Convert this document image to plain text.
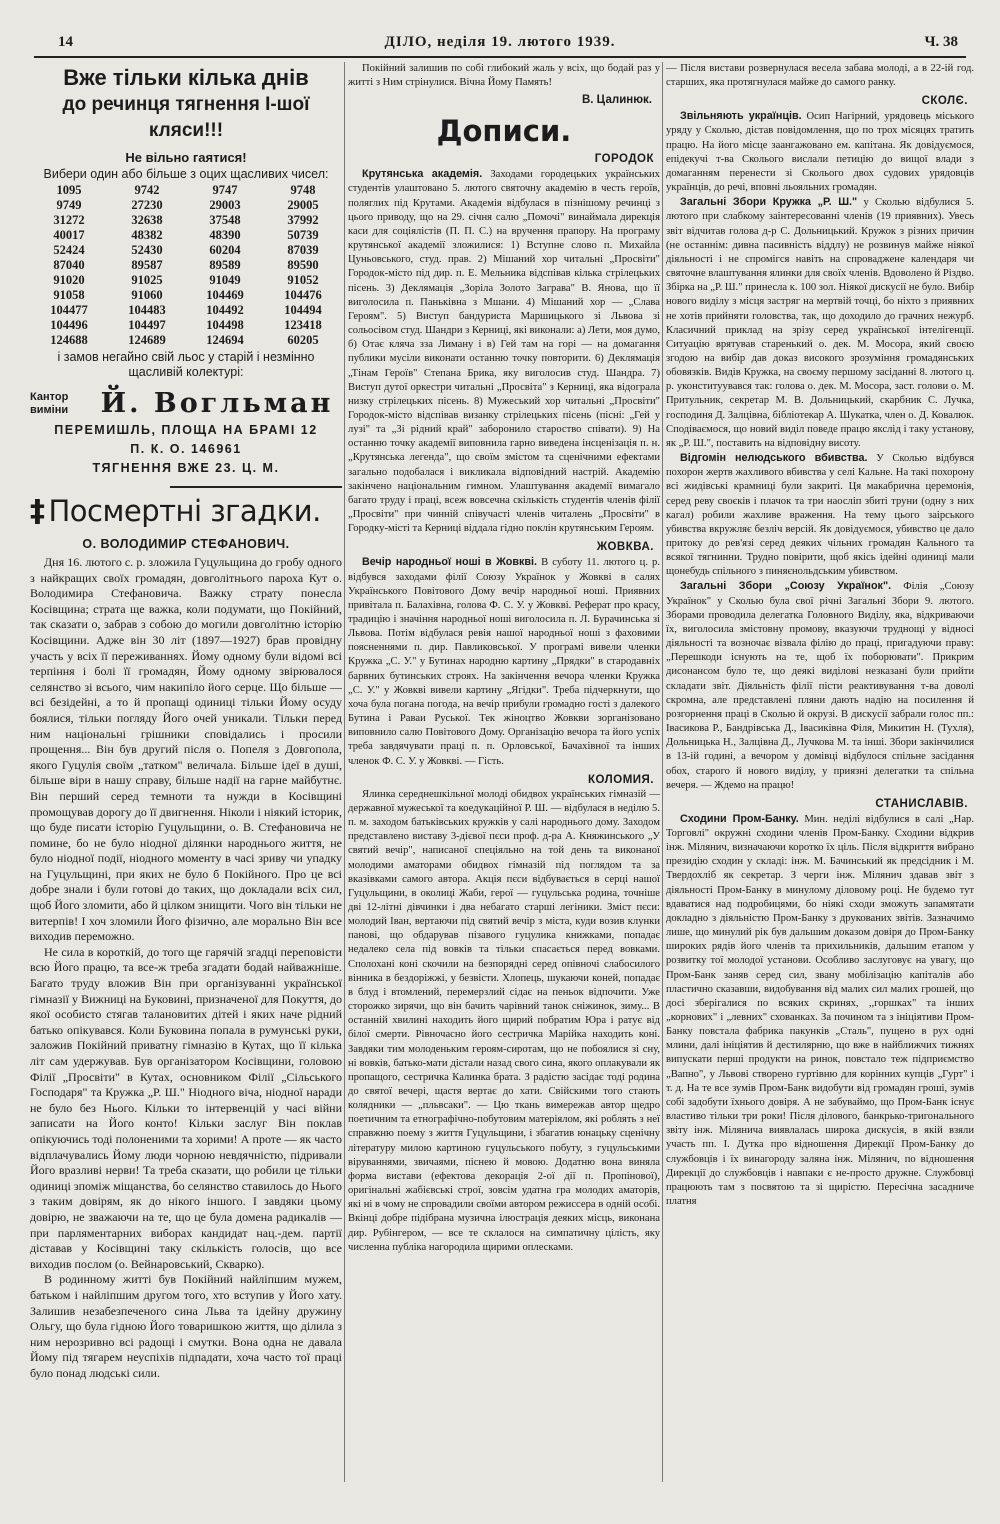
14	ДІЛО, неділя 19. лютого 1939.	Ч. 38
Вже тільки кілька днів
до речинця тягнення І-шої кляси!!!
Не вільно гаятися!
Вибери один або більше з оцих щасливих чисел:
1095	9742	9747	9748
9749	27230	29003	29005
31272	32638	37548	37992
40017	48382	48390	50739
52424	52430	60204	87039
87040	89587	89589	89590
91020	91025	91049	91052
91058	91060	104469	104476
104477	104483	104492	104494
104496	104497	104498	123418
124688	124689	124694	60205
і замов негайно свій льос у старій і незмінно щасливій колектурі:
Кантор виміни	Й. Вогльман
ПЕРЕМИШЛЬ, ПЛОЩА НА БРАМІ 12
П. К. О. 146961
ТЯГНЕННЯ ВЖЕ 23. Ц. М.
‡ Посмертні згадки.
О. ВОЛОДИМИР СТЕФАНОВИЧ.

Дня 16. лютого с. р. зложила Гуцульщина до гробу одного з найкращих своїх громадян, довголітнього пароха Кут о. Володимира Стефановича. Важку страту понесла Косівщина; страта ще важка, коли подумати, що Покійний, так сказати о, забрав з собою до могили довголітню історію Косівщини. Адже він 30 літ (1897—1927) брав провідну участь у всіх її переживаннях. Йому одному були відомі всі терпіння і болі її громадян, Йому одному звірювалося селянство зі всього, чим накипіло його серце. Що більше — всі безідейні, а то й пропащі одиниці тільки Йому осуду боялися, тільки погляду Його очей уникали. Тільки перед ним національні грішники сповідались і просили прощення... Він був другий після о. Попеля з Довгопола, якого Гуцулія своїм „татком" величала. Більше ідеї в душі, більше віри в нашу справу, більше надії на гарне майбутнє. Він перший серед темноти та нужди в Косівщині промощував дорогу до її двигнення. Ніколи і ніякий історик, що буде писати історію Гуцульщини, о. В. Стефановича не помине, бо не було ніодної ділянки народнього життя, не було ніодної події, ніодного моменту в часі зриву чи упадку на Гуцульщині, при яких не було б Покійного. Про це всі добре знали і були готові до таких, що докладали всіх сил, щоб Його зломити, або й цілком знищити. Чого він тільки не витерпів! І хоч зломили Його фізично, але морально Він все виходив переможно.

Не сила в короткій, до того ще гарячій згадці переповісти всю Його працю, та все-ж треба згадати бодай найважніше. Багато труду вложив Він при організуванні української гімназії у Вижниці на Буковині, призначеної для Покуття, до якої особисто стягав талановитих дітей і яких наче рідний батько опікувався. Коли Буковина попала в румунські руки, заложив Покійний приватну гімназію в Кутах, що її кілька літ сам удержував. Був організатором Косівщини, головою Філії „Просвіти" в Кутах, основником Філії „Сільського Господаря" та Кружка „Р. Ш." Ніодного віча, ніодної наради не було без Нього. Кільки то інтервенцій у часі війни записати на Його конто! Кільки заслуг Він поклав опікуючись тоді полоненими та хорими! А проте — як часто відплачувались Йому люди чорною невдячністю, підривали Його вразливі нерви! Та треба сказати, що робили це тільки одиниці зпоміж міщанства, бо селянство ставилось до Нього з таким довірям, як до нікого іншого. І завдяки цьому довірю, не зважаючи на те, що це була домена радикалів — при парляментарних виборах кандидат нац.-дем. партії діставав у Косівщині таку скількість голосів, що все виходив послом (о. Вейнаровський, Скварко).

В родинному житті був Покійний найліпшим мужем, батьком і найліпшим другом того, хто вступив у Його хату. Залишив незабезпеченого сина Льва та ідейну дружину Ольгу, що була гідною Його товаришкою життя, що ділила з ним нерозривно всі радощі і смутки. Вона одна не давала Йому під тягарем неуспіхів підпадати, хоча часто тої праці було понад людські сили.

Покійний залишив по собі глибокий жаль у всіх, що бодай раз у житті з Ним стрінулися. Вічна Йому Память!

В. Цалинюк.
Дописи.
ГОРОДОК

Крутянська академія. Заходами городецьких українських студентів улаштовано 5. лютого святочну академію в честь героїв, поляглих під Крутами. Академія відбулася в пізнішому речинці з цього приводу, що на 29. січня салю „Помочі" винаймала дирекція каси для соціялістів (П. П. С.) на вручення прапору. На програму крутянської академії зложилися: 1) Вступне слово п. Михайла Цуньовського, студ. прав. 2) Мішаний хор читальні „Просвіти" Городок-місто під дир. п. Е. Мельника відспівав кілька стрілецьких пісень. 3) Деклямація „Зоріла Золото Заграва" В. Янова, що її виголосила п. Паньківна з Мшани. 4) Мішаний хор — „Слава Героям". 5) Виступ бандуриста Маршицького зі Львова зі сольосівом студ. Шандри з Керниці, які виконали: а) Лети, моя думо, б) Отає кляча зза Лиману і в) Гей там на горі — на домагання публики мусіли виконати останню точку повторити. 6) Деклямація „Тінам Героїв" Степана Брика, яку виголосив студ. Шандра. 7) Виступ дутої оркестри читальні „Просвіта" з Керниці, яка відограла низку стрілецьких пісень. 8) Мужеський хор читальні „Просвіти" Городок-місто відспівав визанку стрілецьких пісень (пісні: „Гей у лузі" та „Зі рідний край" заборонило староство співати). 9) На останню точку академії виповнила гарно виведена інсценізація п. н. „Крутянська легенда", що своїм змістом та сценічними ефектами загально подобалася і викликала відповідний настрій. Академію закінчено національним гимном. Улаштування академії вимагало багато труду і праці, всеж вовсечна скількість студентів членів філії „Просвіти" при чинній співучасті членів читалень „Просвіти" в Городку-місті та Керниці віддала гідно поклін крутянським Героям.

ЖОВКВА.

Вечір народньої ноші в Жовкві. В суботу 11. лютого ц. р. відбувся заходами філії Союзу Українок у Жовкві в салях Українського Повітового Дому вечір народньої ноші. Приявних привітала п. Балахівна, голова Ф. С. У. у Жовкві. Реферат про красу, традицію і значіння народньої ноші виголосила п. Л. Бурачинська зі Львова. Потім відбулася ревія нашої народньої ноші з фаховими поясненнями п. дир. Павликовської. У програмі вивели членки Кружка „С. У." у Бутинах народню картину „Прядки" в стародавніх барвних бутинських строях. На закінчення вечора членки Кружка „С. У." у Жовкві вивели картину „Ягідки". Треба підчеркнути, що хоча була погана погода, на вечір прибули громадно гості з далекого Бутина і Раваи Руської. Тек жіноцтво Жовкви зорганізовано виповнило салю Повітового Дому. Організацію вечора та його успіх треба завдячувати праці п. п. Орловської, Бачахівної та інших членок Ф. С. У. у Жовкві. — Гість.

КОЛОМИЯ.

Ялинка середнешкільної молоді обидвох українських гімназій — державної мужеської та коедукаційної Р. Ш. — відбулася в неділю 5. п. м. заходом батьківських кружків у салі народнього дому. Заходом представлено виставу 3-дієвої пєси проф. д-ра А. Княжинського „У святий вечір", написаної спеціяльно на той день та виконаної молодими аматорами обидвох гімназій під поглядом та за вказівками самого автора. Акція пєси відбувається в серці нашої Гуцульщини, в околиці Жаби, герої — гуцульська родина, точніше дві 12-літні дівчинки і два небагато старші легіники. Зміст пєси: молодий Іван, вертаючи під святий вечір з міста, куди возив клунки панові, що обдарував пізавого гуцулика книжками, попадає недалеко села під вовків та тільки спасається перед вовками. Сполохані коні скочили на безпорядні серед опівночі слабосилого вінника в бездоріжжі, у безвісти. Хлопець, шукаючи коней, попадає в блуд і втомлений, перемерзлий сідає на пеньок відпочити. Уже сторожко зирячи, що він бачить чарівний танок сніжинок, зиму... В останній хвилині находить його щирий побратим Юра і ратує від білої смерти. Рівночасно його сестричка Марійка находить коні. Завдяки тим молоденьким героям-сиротам, що не побоялися зі сну, ні вовків, батько-мати дістали назад свого сина, якого оплакували як пропащого, сестричка Калинка брата. З радістю засідає тоді родина до святої вечері, щастя вертає до хати. Свійскими того стають колядники — „пльвсаки". — Цю ткань вимережав автор щедро поетичним та етнографічно-побутовим матеріялом, які роблять з неї справжню поему з життя Гуцульщини, і збагатив юнацьку сценічну літературу милою картиною гуцульського побуту, з гуцульськими віруваннями, звичаями, піснею й мовою. Додатню вона виняла форма вистави (ефектова декорація 2-ої дії п. Пропінової), оригінальні жабієвські строї, зовсім удатна гра молодих аматорів, які ні в чому не спровадили своїми автором режиссера в одній особі. Вкінці добре підібрана музична ілюстрація деяких місць, виконана дир. Рубінгером, — все те склалося на симпатичну цілість, яку численна публіка нагородила щирими оплесками.

— Після вистави розвернулася весела забава молоді, а в 22-ій год. старших, яка протягнулася майже до самого ранку.

СКОЛЄ.

Звільняють українців. Осип Нагірний, урядовець міського уряду у Сколью, дістав повідомлення, що по трох місяцях тратить працю. На його місце заангажовано ем. капітана. Як довідуємося, епідекучі т-ва Сколього вислали петицію до вищої влади з домаганням перенести зі Сколього двох судових урядовців українців, до речі, вповні льояльних громадян.

Загальні Збори Кружка „Р. Ш." у Сколью відбулися 5. лютого при слабкому заінтересованні членів (19 приявних). Увесь звіт відчитав голова д-р С. Дольницький. Кружок з різних причин (не останнім: дивна пасивність віддлу) не розвинув майже ніякої діяльності і не спромігся навіть на спроваджене календаря чи святочне влаштування ялинки для своїх членів. Вдоволено й Різдво. Збірка на „Р. Ш." принесла к. 100 зол. Ніякої дискусії не було. Вибір нового виділу з місця застряг на мертвій точці, бо ніхто з приявних не хотів прийняти головства, так, що доходило до грачних нежурб. Класичний приклад на зрізу серед української інтелігенції. Ситуацію врятував старенький о. дек. М. Мосора, який своєю згодою на вибір дав доказ високого зрозуміння громадянських обовязків. Видів Кружка, на своєму першому засіданні 8. лютого ц. р. уконституувався так: голова о. дек. М. Мосора, заст. голови о. М. Притульник, секретар М. В. Дольницький, скарбник С. Лучка, господиня Д. Залцівна, бібліотекар А. Шукатка, член о. Д. Ковалюк. Сподіваємося, що новий виділ поведе працю якслід і таку установу, як „Р. Ш.", поставить на відповідну висоту.

Відгомін нелюдського вбивства. У Сколью відбувся похорон жертв жахливого вбивства у селі Кальне. На такі похорону всі жидівські крамниці були закриті. Ця макабрична церемонія, серед реву своєків і плачок та три наосліп збиті труни (одну з них кагал) робили жахливе враження. На тему цього заірського убивства вкружляє безліч версій. Як довідуємося, убивство це дало притоку до рев'язі серед деяких чільних громадян Кального та всякої тягнинни. Трудно повірити, щоб якісь ідейні одиниці мали щонебудь спільного з пиняєнольдським убивством.

Загальні Збори „Союзу Українок". Філія „Союзу Українок" у Сколью була свої річні Загальні Збори 9. лютого. Зборами проводила делегатка Головного Виділу, яка, відкриваючи їх, виголосила змістовну промову, вказуючи труднощі у відносі діяльності та возночає візвала філію до праці, пригадуючи праву: „Перешкоди існують на те, щоб їх поборювати". Прикрим дисонансом було те, що деякі виділові незказані були прийти складати звіт. Діяльність філії пісти реактивування т-ва доволі скромна, але представлені пляни дають надію на посилення й розгорнення праці в Сколью й окрузі. В дискусії забрали голос пп.: Івасикова Р., Бандрівська Д., Івасиківна Філя, Микитин Н. (Тухля), Дольницька Н., Залцівна Д., Лучкова М. та інші. Збори закінчилися в 13-ій годині, а вечором у домівці відбулося спільне засідання обох, старого й нового виділу, у приязні делегатки та спільна вечеря. — Ждемо на працю!

СТАНИСЛАВІВ.

Сходини Пром-Банку. Мин. неділі відбулися в салі „Нар. Торговлі" окружні сходини членів Пром-Банку. Сходини відкрив інж. Мілянич, визначаючи коротко їх ціль. Після відкриття вибрано президію сходин у складі: інж. М. Бачинський як предсідник і М. Твердохліб як секретар. З черги інж. Мілянич здавав звіт з діяльності Пром-Банку в минулому діловому році. Не будемо тут вдаватися над подробицями, бо ніякі сходи зможуть запамятати докладно з діяльністю Пром-Банку з друкованих звітів. Зазначимо лише, що минулий рік був дальшим доказом довіря до Пром-Банку широких рядів його членів та прихильників, дальшим етапом у розвитку тої молодої установи. Особливо заслуговує на увагу, що Пром-Банк заняв серед сил, звану мобілізацію капіталів або пластично сказавши, видобування від малих сил малих грошей, що досі зберігалися по всяких скринях, ,,горшках" та інших „корнових" і „левних" схованках. За почином та з ініціятиви Пром-Банку повстала фабрика пакунків „Сталь", пущено в рух одні млини, далі ініціятив й дестилярню, що вже в найближчих тижнях випускати перші продукти на ринок, повстало теж підприємство „Вапно", у Львові створено гуртівню для корінних купців „Гурт" і т. д. На те все зумів Пром-Банк видобути від громадян гроші, зумів собі задобути їхнього довіря. А не забуваймо, що Пром-Банк існує властиво тільки три роки! Після ділового, банкрько-тригонального звіту інж. Мілянича виявлалась широка дискусія, в якій взяли участь пп. І. Дутка про відношення Дирекції Пром-Банку до службовців і їх винагороду заляна інж. Мілянич, по відношення Дирекції до службовців і навпаки є не-просто дружне. Службовці працюють там з посвятою та зі щирістю. Пересічна засадниче платня
